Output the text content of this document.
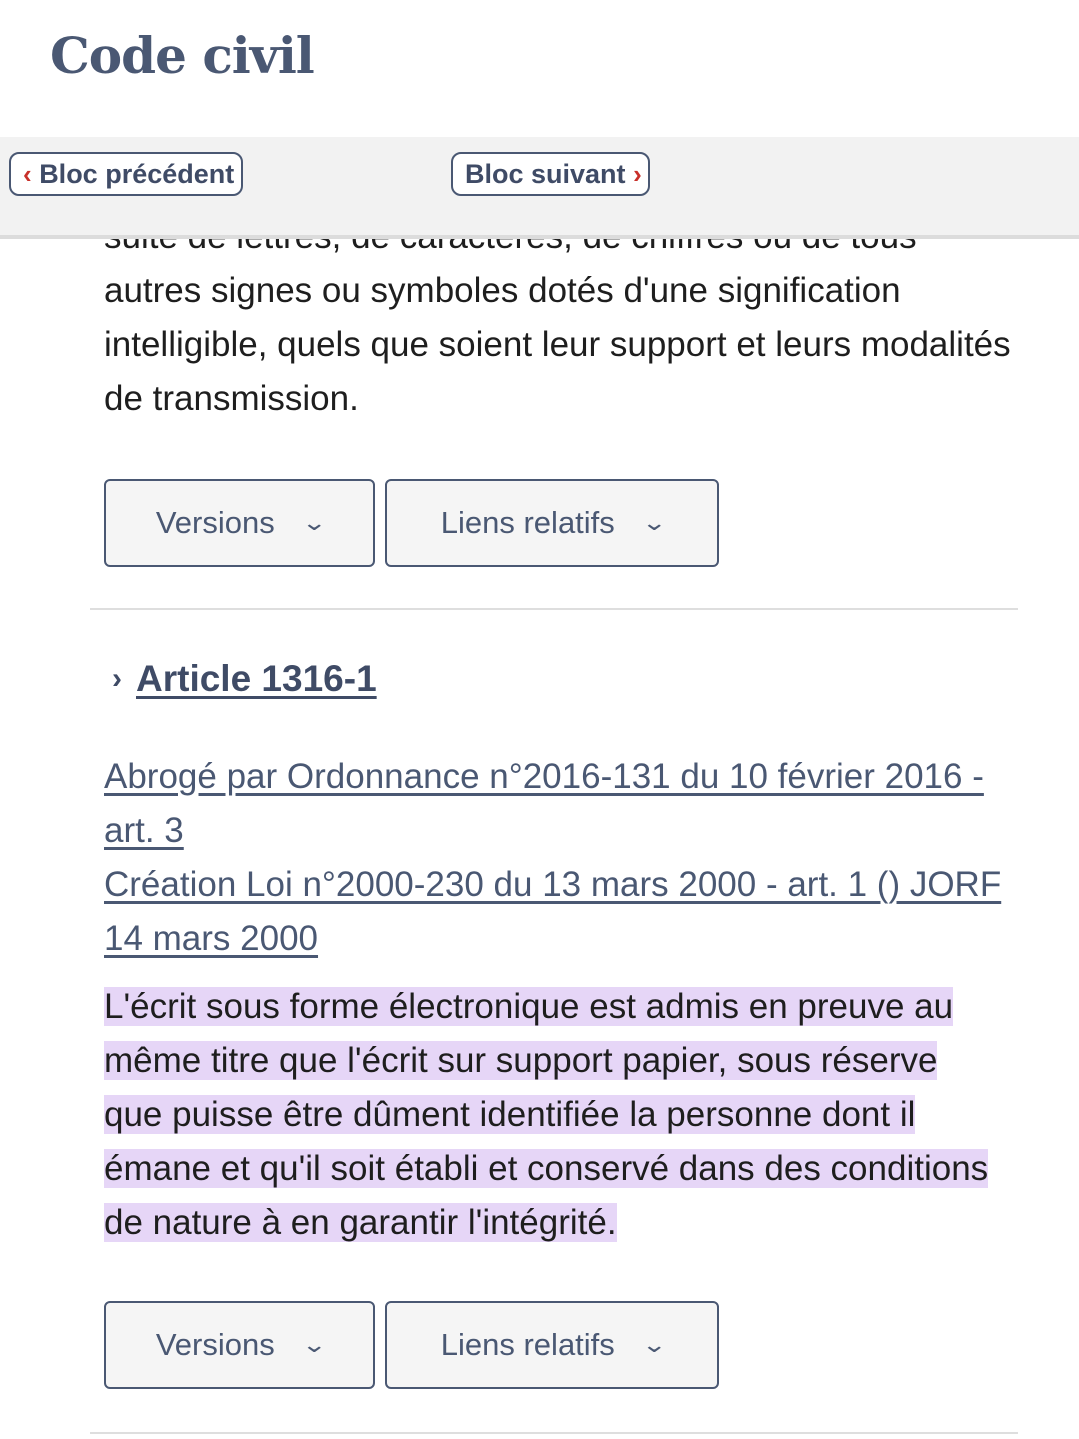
autres signes ou symboles dotés d'une signification intelligible, quels que soient leur support et leurs modalités de transmission.

Versions ⌄	Liens relatifs ⌄
› Article 1316-1
Abrogé par Ordonnance n°2016-131 du 10 février 2016 - art. 3
Création Loi n°2000-230 du 13 mars 2000 - art. 1 () JORF 14 mars 2000

L'écrit sous forme électronique est admis en preuve au même titre que l'écrit sur support papier, sous réserve que puisse être dûment identifiée la personne dont il émane et qu'il soit établi et conservé dans des conditions de nature à en garantir l'intégrité.

Versions ⌄	Liens relatifs ⌄
Code civil
‹
Bloc précédent	Bloc suivant
›
